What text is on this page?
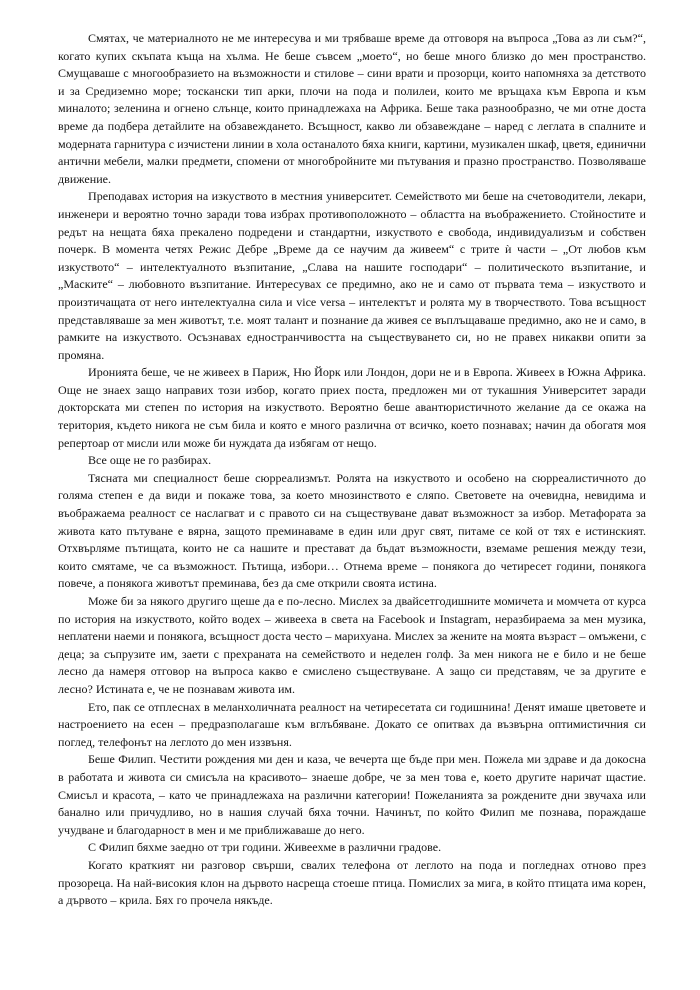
Смятах, че материалното не ме интересува и ми трябваше време да отговоря на въпроса „Това аз ли съм?“, когато купих скъпата къща на хълма. Не беше съвсем „моето“, но беше много близко до мен пространство. Смущаваше с многообразието на възможности и стилове – сини врати и прозорци, които напомняха за детството и за Средиземно море; тоскански тип арки, плочи на пода и полилеи, които ме връщаха към Европа и към миналото; зеленина и огнено слънце, които принадлежаха на Африка. Беше така разнообразно, че ми отне доста време да подбера детайлите на обзавеждането. Всъщност, какво ли обзавеждане – наред с леглата в спалните и модерната гарнитура с изчистени линии в хола останалото бяха книги, картини, музикален шкаф, цветя, единични антични мебели, малки предмети, спомени от многобройните ми пътувания и празно пространство. Позволяваше движение.

Преподавах история на изкуството в местния университет. Семейството ми беше на счетоводители, лекари, инженери и вероятно точно заради това избрах противоположното – областта на въображението. Стойностите и редът на нещата бяха прекалено подредени и стандартни, изкуството е свобода, индивидуализъм и собствен почерк. В момента четях Режис Дебре „Време да се научим да живеем“ с трите ѝ части – „От любов към изкуството“ – интелектуалното възпитание, „Слава на нашите господари“ – политическото възпитание, и „Маските“ – любовното възпитание. Интересувах се предимно, ако не и само от първата тема – изкуството и произтичащата от него интелектуална сила и vice versa – интелектът и ролята му в творчеството. Това всъщност представляваше за мен животът, т.е. моят талант и познание да живея се въплъщаваше предимно, ако не и само, в рамките на изкуството. Осъзнавах едностранчивостта на съществуването си, но не правех никакви опити за промяна.

Иронията беше, че не живеех в Париж, Ню Йорк или Лондон, дори не и в Европа. Живеех в Южна Африка. Още не знаех защо направих този избор, когато приех поста, предложен ми от тукашния Университет заради докторската ми степен по история на изкуството. Вероятно беше авантюристичното желание да се окажа на територия, където никога не съм била и която е много различна от всичко, което познавах; начин да обогатя моя репертоар от мисли или може би нуждата да избягам от нещо.

Все още не го разбирах.

Тясната ми специалност беше сюрреализмът. Ролята на изкуството и особено на сюрреалистичното до голяма степен е да види и покаже това, за което мнозинството е сляпо. Световете на очевидна, невидима и въображаема реалност се наслагват и с правото си на съществуване дават възможност за избор. Метафората за живота като пътуване е вярна, защото преминаваме в един или друг свят, питаме се кой от тях е истинският. Отхвърляме пътищата, които не са нашите и престават да бъдат възможности, вземаме решения между тези, които смятаме, че са възможност. Пътища, избори… Отнема време – понякога до четиресет години, понякога повече, а понякога животът преминава, без да сме открили своята истина.

Може би за някого другиго щеше да е по-лесно. Мислех за двайсетгодишните момичета и момчета от курса по история на изкуството, който водех – живееха в света на Facebook и Instagram, неразбираема за мен музика, неплатени наеми и понякога, всъщност доста често – марихуана. Мислех за жените на моята възраст – омъжени, с деца; за съпрузите им, заети с прехраната на семейството и неделен голф. За мен никога не е било и не беше лесно да намеря отговор на въпроса какво е смислено съществуване. А защо си представям, че за другите е лесно? Истината е, че не познавам живота им.

Ето, пак се отплеснах в меланхоличната реалност на четиресетата си годишнина! Денят имаше цветовете и настроението на есен – предразполагаше към вглъбяване. Докато се опитвах да възвърна оптимистичния си поглед, телефонът на леглото до мен иззвъня.

Беше Филип. Честити рождения ми ден и каза, че вечерта ще бъде при мен. Пожела ми здраве и да докосна в работата и живота си смисъла на красивото– знаеше добре, че за мен това е, което другите наричат щастие. Смисъл и красота, – като че принадлежаха на различни категории! Пожеланията за рождените дни звучаха или банално или причудливо, но в нашия случай бяха точни. Начинът, по който Филип ме познава, пораждаше учудване и благодарност в мен и ме приближаваше до него.

С Филип бяхме заедно от три години. Живеехме в различни градове.

Когато краткият ни разговор свърши, свалих телефона от леглото на пода и погледнах отново през прозореца. На най-високия клон на дървото насреща стоеше птица. Помислих за мига, в който птицата има корен, а дървото – крила. Бях го прочела някъде.
